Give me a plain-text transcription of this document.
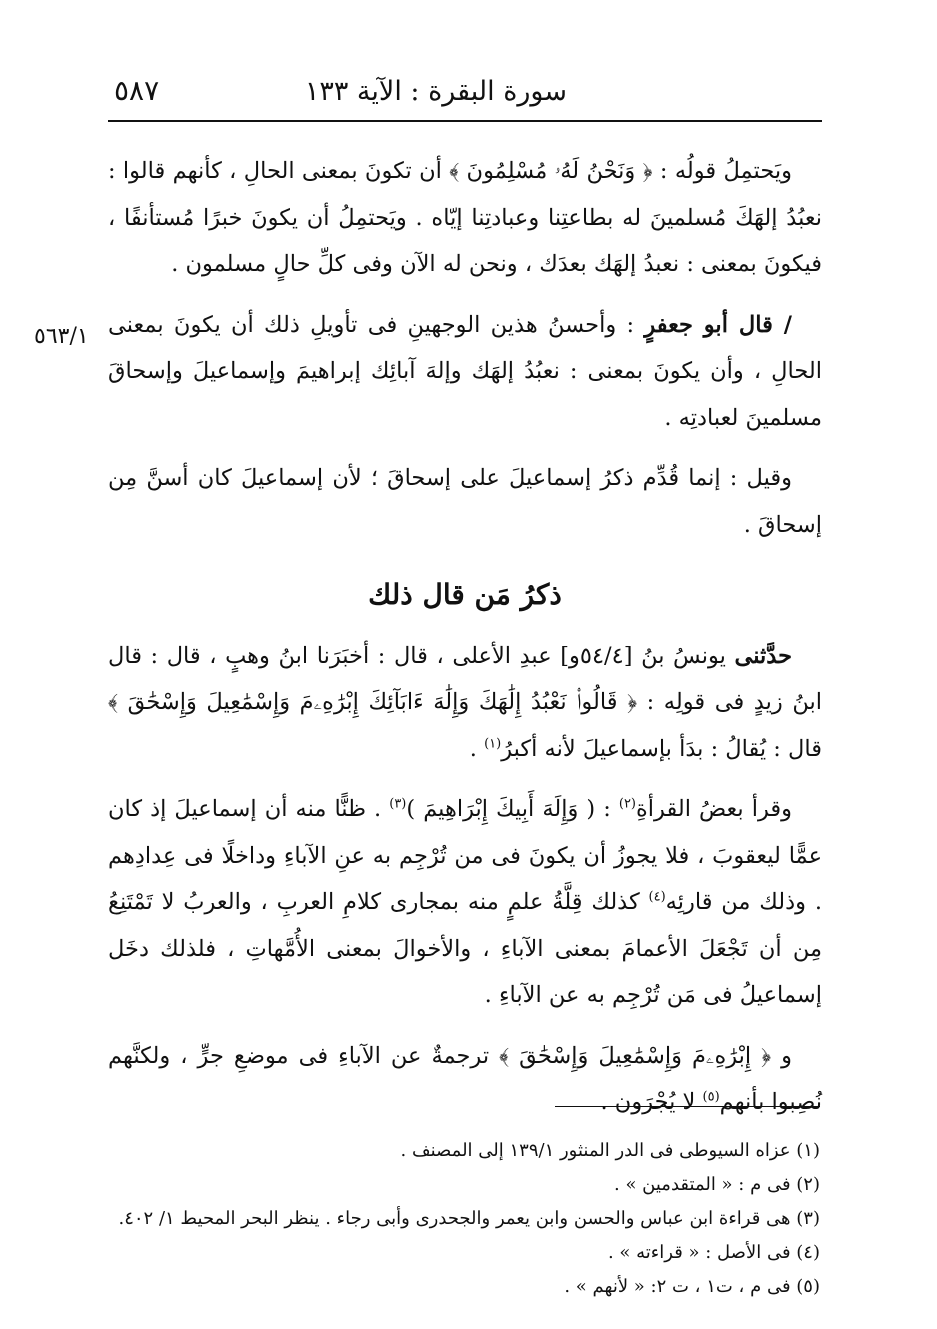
سورة البقرة : الآية ١٣٣
٥٨٧
٥٦٣/١

ويَحتمِلُ قولُه : ﴿ وَنَحْنُ لَهُۥ مُسْلِمُونَ ﴾ أن تكونَ بمعنى الحالِ ، كأنهم قالوا : نعبُدُ إلهَكَ مُسلمينَ له بطاعتِنا وعبادتِنا إيّاه . ويَحتمِلُ أن يكونَ خبرًا مُستأنفًا ، فيكونَ بمعنى : نعبدُ إلهَك بعدَك ، ونحن له الآن وفى كلِّ حالٍ مسلمون .

/ قال أبو جعفرٍ : وأحسنُ هذين الوجهينِ فى تأويلِ ذلك أن يكونَ بمعنى الحالِ ، وأن يكونَ بمعنى : نعبُدُ إلهَك وإلهَ آبائِك إبراهيمَ وإسماعيلَ وإسحاقَ مسلمينَ لعبادتِه .

وقيل : إنما قُدِّم ذكرُ إسماعيلَ على إسحاقَ ؛ لأن إسماعيلَ كان أسنَّ مِن إسحاقَ .

ذكرُ مَن قال ذلك

حدَّثنى يونسُ بنُ [٥٤/٤و] عبدِ الأعلى ، قال : أخبَرَنا ابنُ وهبٍ ، قال : قال ابنُ زيدٍ فى قولِه : ﴿ قَالُوا۟ نَعْبُدُ إِلَٰهَكَ وَإِلَٰهَ ءَابَآئِكَ إِبْرَٰهِۦمَ وَإِسْمَٰعِيلَ وَإِسْحَٰقَ ﴾ قال : يُقالُ : بدَأ بإسماعيلَ لأنه أكبرُ$^{(١)}$ .

وقرأ بعضُ القرأةِ$^{(٢)}$ : ( وَإِلَهَ أَبِيكَ إِبْرَاهِيمَ )$^{(٣)}$ . ظنًّا منه أن إسماعيلَ إذ كان عمًّا ليعقوبَ ، فلا يجوزُ أن يكونَ فى من تُرْجِم به عنِ الآباءِ وداخلًا فى عِدادِهم . وذلك من قارئِه$^{(٤)}$ كذلك قِلَّةُ علمٍ منه بمجارى كلامِ العربِ ، والعربُ لا تَمْتَنِعُ مِن أن تَجْعَلَ الأعمامَ بمعنى الآباءِ ، والأخوالَ بمعنى الأُمَّهاتِ ، فلذلك دخَل إسماعيلُ فى مَن تُرْجِم به عن الآباءِ .

و ﴿ إِبْرَٰهِۦمَ وَإِسْمَٰعِيلَ وَإِسْحَٰقَ ﴾ ترجمةٌ عن الآباءِ فى موضعِ جرٍّ ، ولكنَّهم نُصِبوا بأنهم$^{(٥)}$ لا يُجْرَون .

(١) عزاه السيوطى فى الدر المنثور ١٣٩/١ إلى المصنف .

(٢) فى م : « المتقدمين » .

(٣) هى قراءة ابن عباس والحسن وابن يعمر والجحدرى وأبى رجاء . ينظر البحر المحيط ١/ ٤٠٢.

(٤) فى الأصل : « قراءته » .

(٥) فى م ، ت١ ، ت ٢: « لأنهم » .
